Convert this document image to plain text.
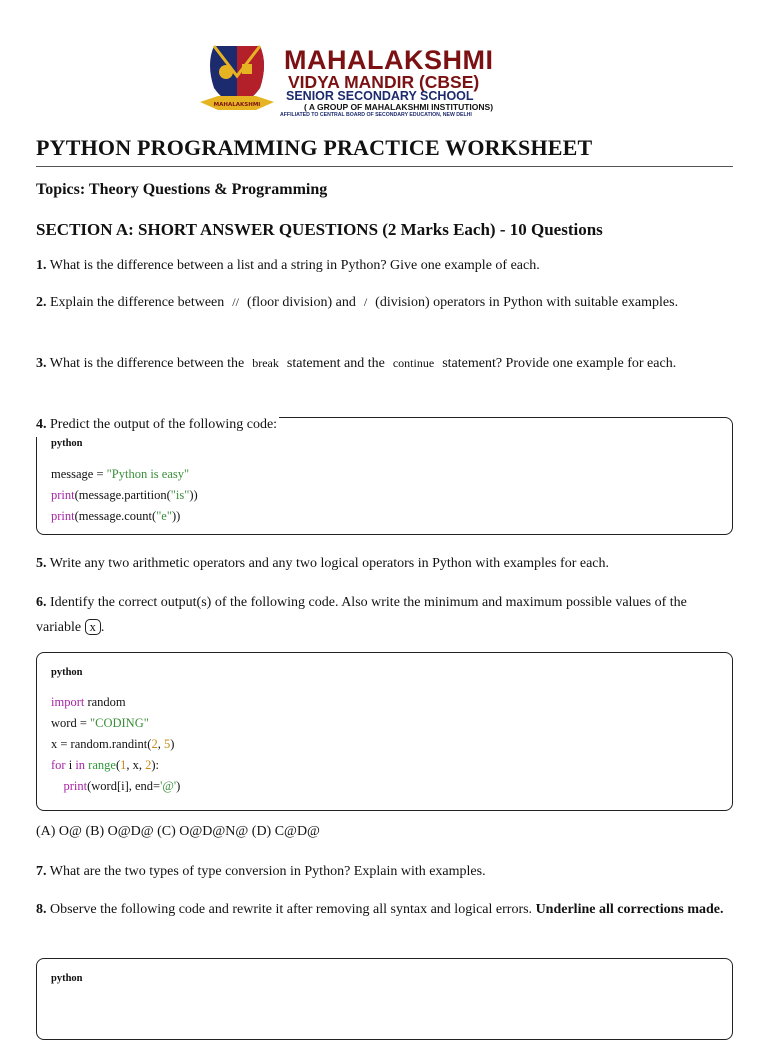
MAHALAKSHMI
MAHALAKSHMI
VIDYA MANDIR (CBSE)
SENIOR SECONDARY SCHOOL
( A GROUP OF MAHALAKSHMI INSTITUTIONS)
AFFILIATED TO CENTRAL BOARD OF SECONDARY EDUCATION, NEW DELHI
PYTHON PROGRAMMING PRACTICE WORKSHEET
Topics: Theory Questions & Programming
SECTION A: SHORT ANSWER QUESTIONS (2 Marks Each) - 10 Questions
1. What is the difference between a list and a string in Python? Give one example of each.
2. Explain the difference between // (floor division) and / (division) operators in Python with suitable examples.
3. What is the difference between the break statement and the continue statement? Provide one example for each.
python
message = "Python is easy"
print(message.partition("is"))
print(message.count("e"))
4. Predict the output of the following code:
5. Write any two arithmetic operators and any two logical operators in Python with examples for each.
6. Identify the correct output(s) of the following code. Also write the minimum and maximum possible values of the variable x .
python
import random
word = "CODING"
x = random.randint(2, 5)
for i in range(1, x, 2):
print(word[i], end='@')
(A) O@ (B) O@D@ (C) O@D@N@ (D) C@D@
7. What are the two types of type conversion in Python? Explain with examples.
8. Observe the following code and rewrite it after removing all syntax and logical errors. Underline all corrections made.
python
